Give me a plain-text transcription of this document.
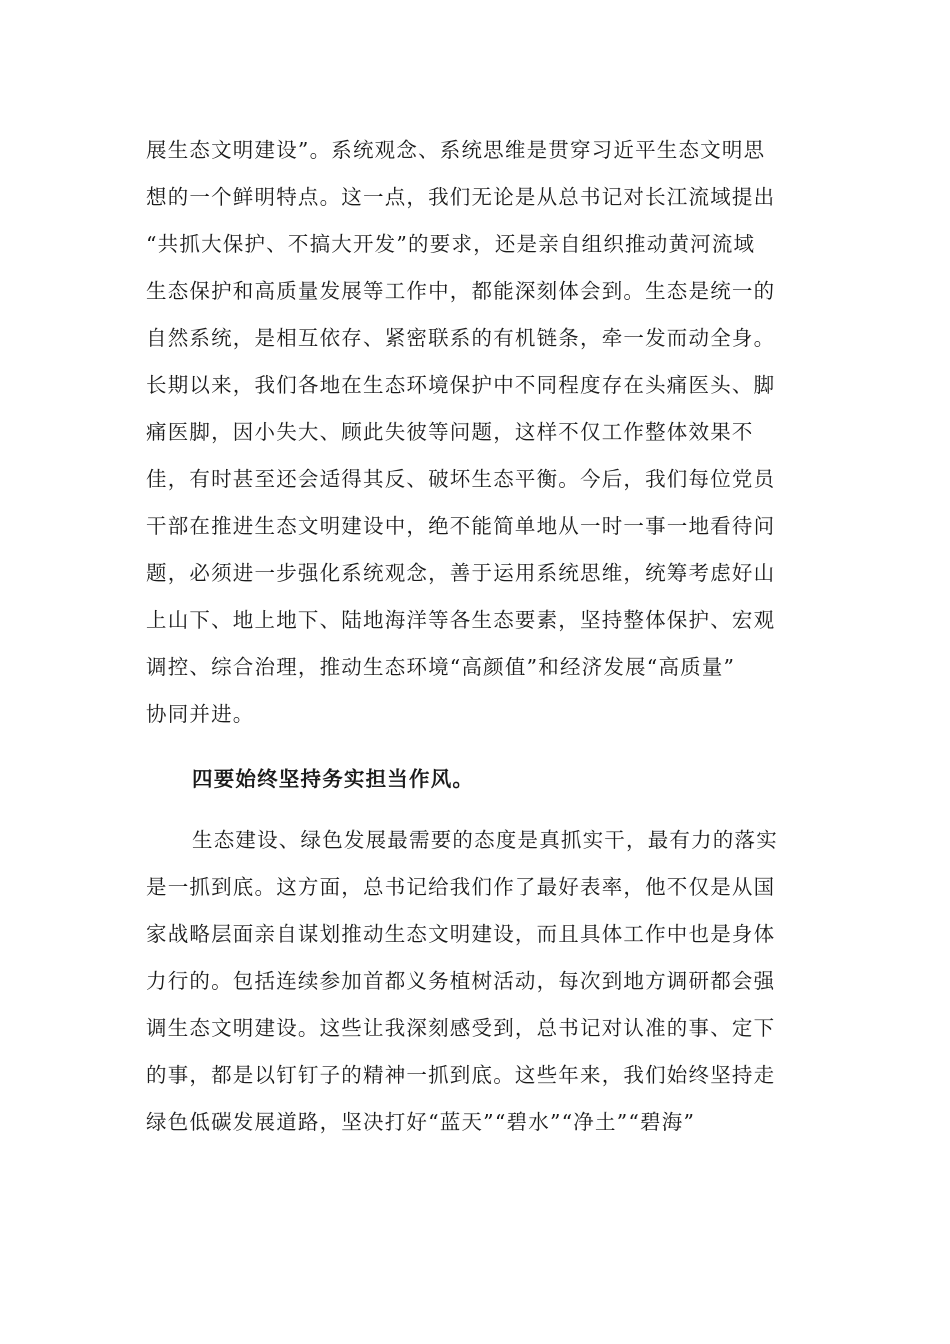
展生态文明建设”。系统观念、系统思维是贯穿习近平生态文明思
想的一个鲜明特点。这一点，我们无论是从总书记对长江流域提出
“共抓大保护、不搞大开发”的要求，还是亲自组织推动黄河流域
生态保护和高质量发展等工作中，都能深刻体会到。生态是统一的
自然系统，是相互依存、紧密联系的有机链条，牵一发而动全身。
长期以来，我们各地在生态环境保护中不同程度存在头痛医头、脚
痛医脚，因小失大、顾此失彼等问题，这样不仅工作整体效果不
佳，有时甚至还会适得其反、破坏生态平衡。今后，我们每位党员
干部在推进生态文明建设中，绝不能简单地从一时一事一地看待问
题，必须进一步强化系统观念，善于运用系统思维，统筹考虑好山
上山下、地上地下、陆地海洋等各生态要素，坚持整体保护、宏观
调控、综合治理，推动生态环境“高颜值”和经济发展“高质量”
协同并进。
四要始终坚持务实担当作风。
生态建设、绿色发展最需要的态度是真抓实干，最有力的落实
是一抓到底。这方面，总书记给我们作了最好表率，他不仅是从国
家战略层面亲自谋划推动生态文明建设，而且具体工作中也是身体
力行的。包括连续参加首都义务植树活动，每次到地方调研都会强
调生态文明建设。这些让我深刻感受到，总书记对认准的事、定下
的事，都是以钉钉子的精神一抓到底。这些年来，我们始终坚持走
绿色低碳发展道路，坚决打好“蓝天”“碧水”“净土”“碧海”
